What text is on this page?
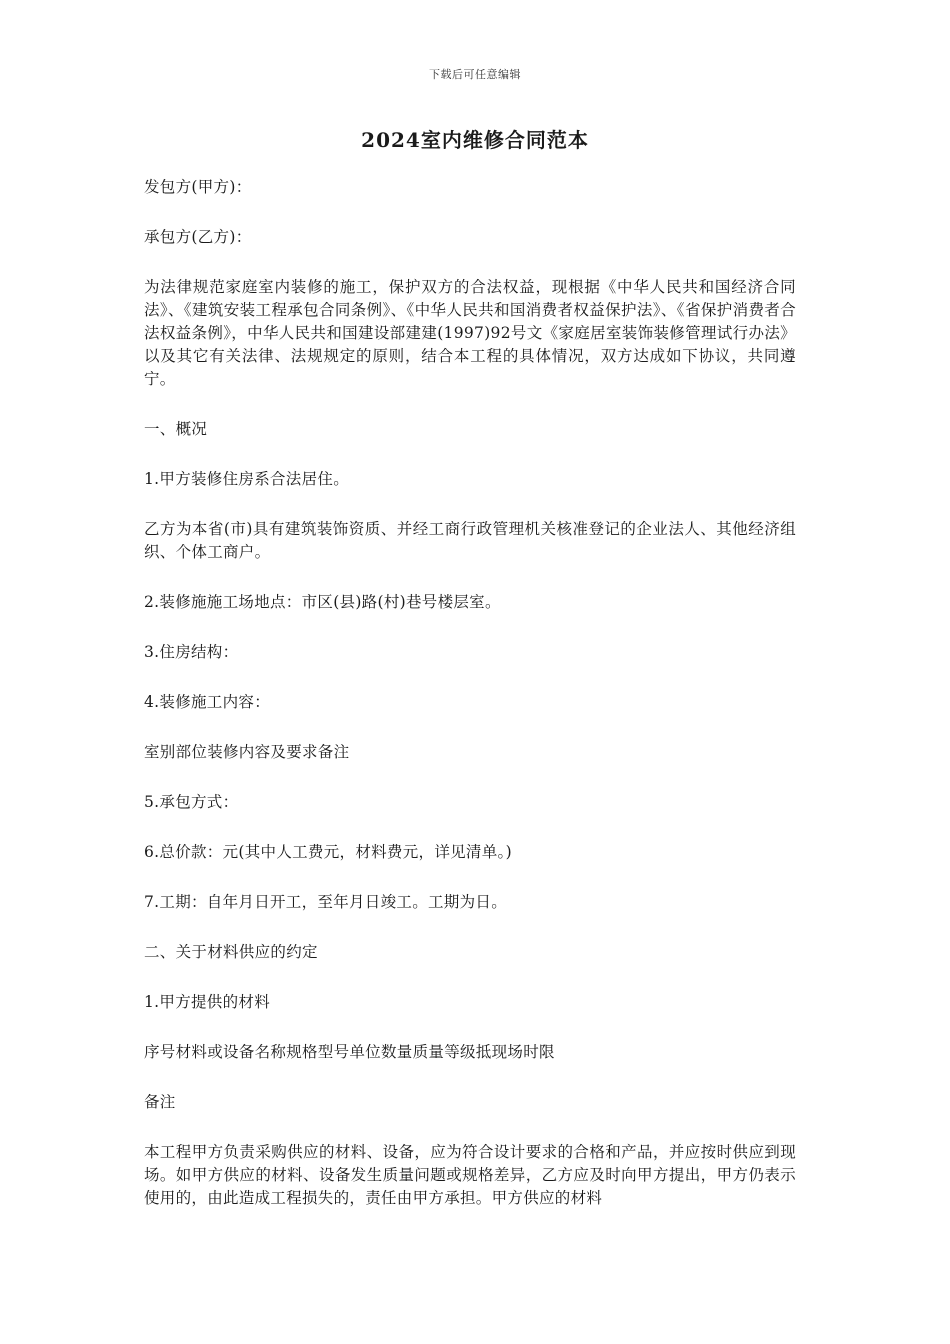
下载后可任意编辑
2024室内维修合同范本

发包方(甲方)：

承包方(乙方)：

为法律规范家庭室内装修的施工，保护双方的合法权益，现根据《中华人民共和国经济合同法》、《建筑安装工程承包合同条例》、《中华人民共和国消费者权益保护法》、《省保护消费者合法权益条例》，中华人民共和国建设部建建(1997)92号文《家庭居室装饰装修管理试行办法》以及其它有关法律、法规规定的原则，结合本工程的具体情况，双方达成如下协议，共同遵宁。

一、概况

1.甲方装修住房系合法居住。

乙方为本省(市)具有建筑装饰资质、并经工商行政管理机关核准登记的企业法人、其他经济组织、个体工商户。

2.装修施施工场地点：市区(县)路(村)巷号楼层室。

3.住房结构：

4.装修施工内容：

室别部位装修内容及要求备注

5.承包方式：

6.总价款：元(其中人工费元，材料费元，详见清单。)

7.工期：自年月日开工，至年月日竣工。工期为日。

二、关于材料供应的约定

1.甲方提供的材料

序号材料或设备名称规格型号单位数量质量等级抵现场时限

备注

本工程甲方负责采购供应的材料、设备，应为符合设计要求的合格和产品，并应按时供应到现场。如甲方供应的材料、设备发生质量问题或规格差异，乙方应及时向甲方提出，甲方仍表示使用的，由此造成工程损失的，责任由甲方承担。甲方供应的材料
